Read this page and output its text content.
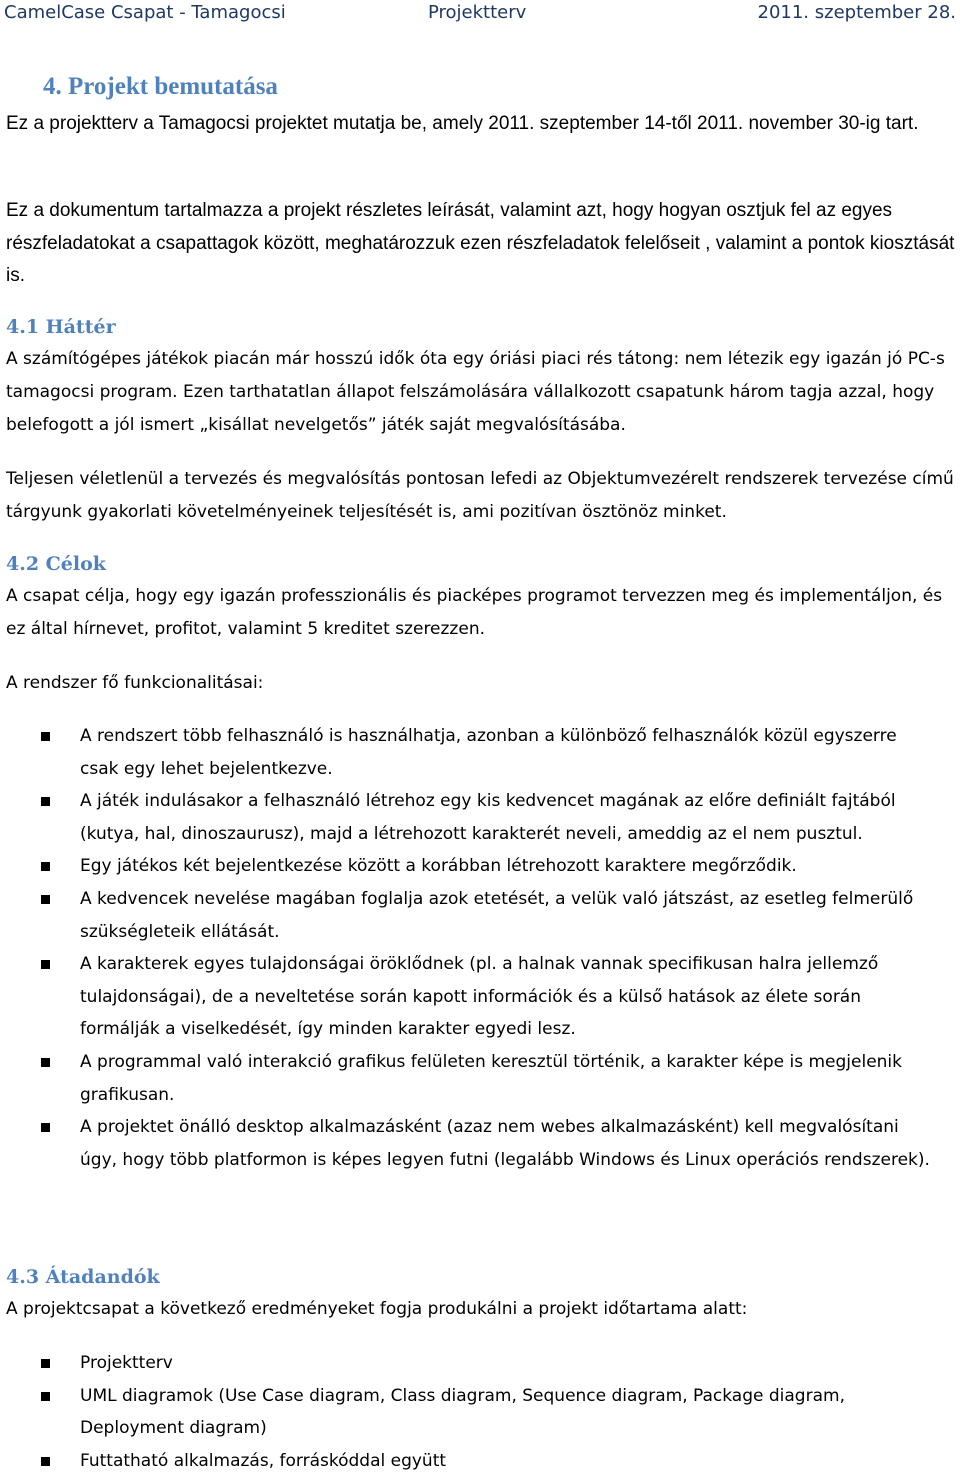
CamelCase Csapat - Tamagocsi	Projektterv	2011. szeptember 28.
4. Projekt bemutatása

Ez a projektterv a Tamagocsi projektet mutatja be, amely 2011. szeptember 14-től 2011. november 30-ig tart.

Ez a dokumentum tartalmazza a projekt részletes leírását, valamint azt, hogy hogyan osztjuk fel az egyes részfeladatokat a csapattagok között, meghatározzuk ezen részfeladatok felelőseit , valamint a pontok kiosztását is.

4.1 Háttér

A számítógépes játékok piacán már hosszú idők óta egy óriási piaci rés tátong: nem létezik egy igazán jó PC-s tamagocsi program. Ezen tarthatatlan állapot felszámolására vállalkozott csapatunk három tagja azzal, hogy belefogott a jól ismert „kisállat nevelgetős” játék saját megvalósításába.

Teljesen véletlenül a tervezés és megvalósítás pontosan lefedi az Objektumvezérelt rendszerek tervezése című tárgyunk gyakorlati követelményeinek teljesítését is, ami pozitívan ösztönöz minket.

4.2 Célok

A csapat célja, hogy egy igazán professzionális és piacképes programot tervezzen meg és implementáljon, és ez által hírnevet, profitot, valamint 5 kreditet szerezzen.

A rendszer fő funkcionalitásai:

A rendszert több felhasználó is használhatja, azonban a különböző felhasználók közül egyszerre csak egy lehet bejelentkezve.
A játék indulásakor a felhasználó létrehoz egy kis kedvencet magának az előre definiált fajtából (kutya, hal, dinoszaurusz), majd a létrehozott karakterét neveli, ameddig az el nem pusztul.
Egy játékos két bejelentkezése között a korábban létrehozott karaktere megőrződik.
A kedvencek nevelése magában foglalja azok etetését, a velük való játszást, az esetleg felmerülő szükségleteik ellátását.
A karakterek egyes tulajdonságai öröklődnek (pl. a halnak vannak specifikusan halra jellemző tulajdonságai), de a neveltetése során kapott információk és a külső hatások az élete során formálják a viselkedését, így minden karakter egyedi lesz.
A programmal való interakció grafikus felületen keresztül történik, a karakter képe is megjelenik grafikusan.
A projektet önálló desktop alkalmazásként (azaz nem webes alkalmazásként) kell megvalósítani úgy, hogy több platformon is képes legyen futni (legalább Windows és Linux operációs rendszerek).
4.3 Átadandók

A projektcsapat a következő eredményeket fogja produkálni a projekt időtartama alatt:

Projektterv
UML diagramok (Use Case diagram, Class diagram, Sequence diagram, Package diagram, Deployment diagram)
Futtatható alkalmazás, forráskóddal együtt
